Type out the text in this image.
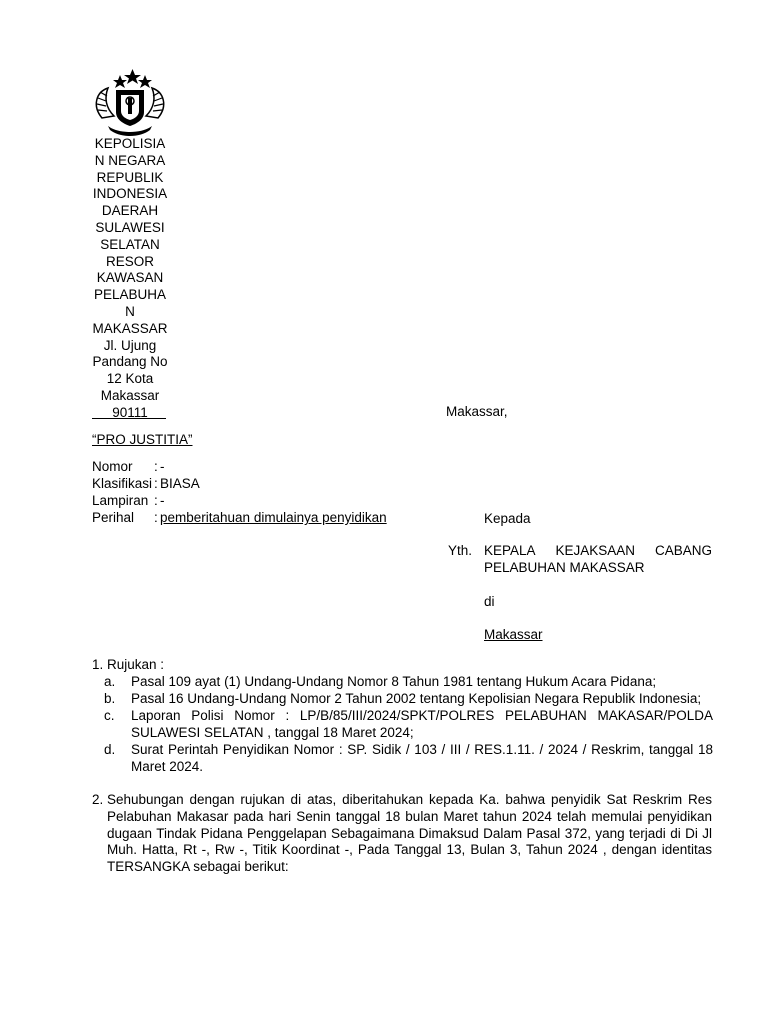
KEPOLISIA
N NEGARA
REPUBLIK
INDONESIA
DAERAH
SULAWESI
SELATAN
RESOR
KAWASAN
PELABUHA
N
MAKASSAR
Jl. Ujung
Pandang No
12 Kota
Makassar
90111	Makassar,
“PRO JUSTITIA”
Nomor	: -
Klasifikasi : BIASA
Lampiran : -
Perihal	: pemberitahuan dimulainya penyidikan	Kepada
Yth. KEPALA KEJAKSAAN CABANG
PELABUHAN MAKASSAR
di
Makassar
1. Rujukan :
a.	Pasal 109 ayat (1) Undang-Undang Nomor 8 Tahun 1981 tentang Hukum Acara Pidana;
b.	Pasal 16 Undang-Undang Nomor 2 Tahun 2002 tentang Kepolisian Negara Republik Indonesia;
c.	Laporan Polisi Nomor : LP/B/85/III/2024/SPKT/POLRES PELABUHAN MAKASAR/POLDA SULAWESI SELATAN , tanggal 18 Maret 2024;
d.	Surat Perintah Penyidikan Nomor : SP. Sidik / 103 / III / RES.1.11. / 2024 / Reskrim, tanggal 18 Maret 2024.
2. Sehubungan dengan rujukan di atas, diberitahukan kepada Ka. bahwa penyidik Sat Reskrim Res Pelabuhan Makasar pada hari Senin tanggal 18 bulan Maret tahun 2024 telah memulai penyidikan dugaan Tindak Pidana Penggelapan Sebagaimana Dimaksud Dalam Pasal 372, yang terjadi di Di Jl Muh. Hatta, Rt -, Rw -, Titik Koordinat -, Pada Tanggal 13, Bulan 3, Tahun 2024 , dengan identitas TERSANGKA sebagai berikut:
